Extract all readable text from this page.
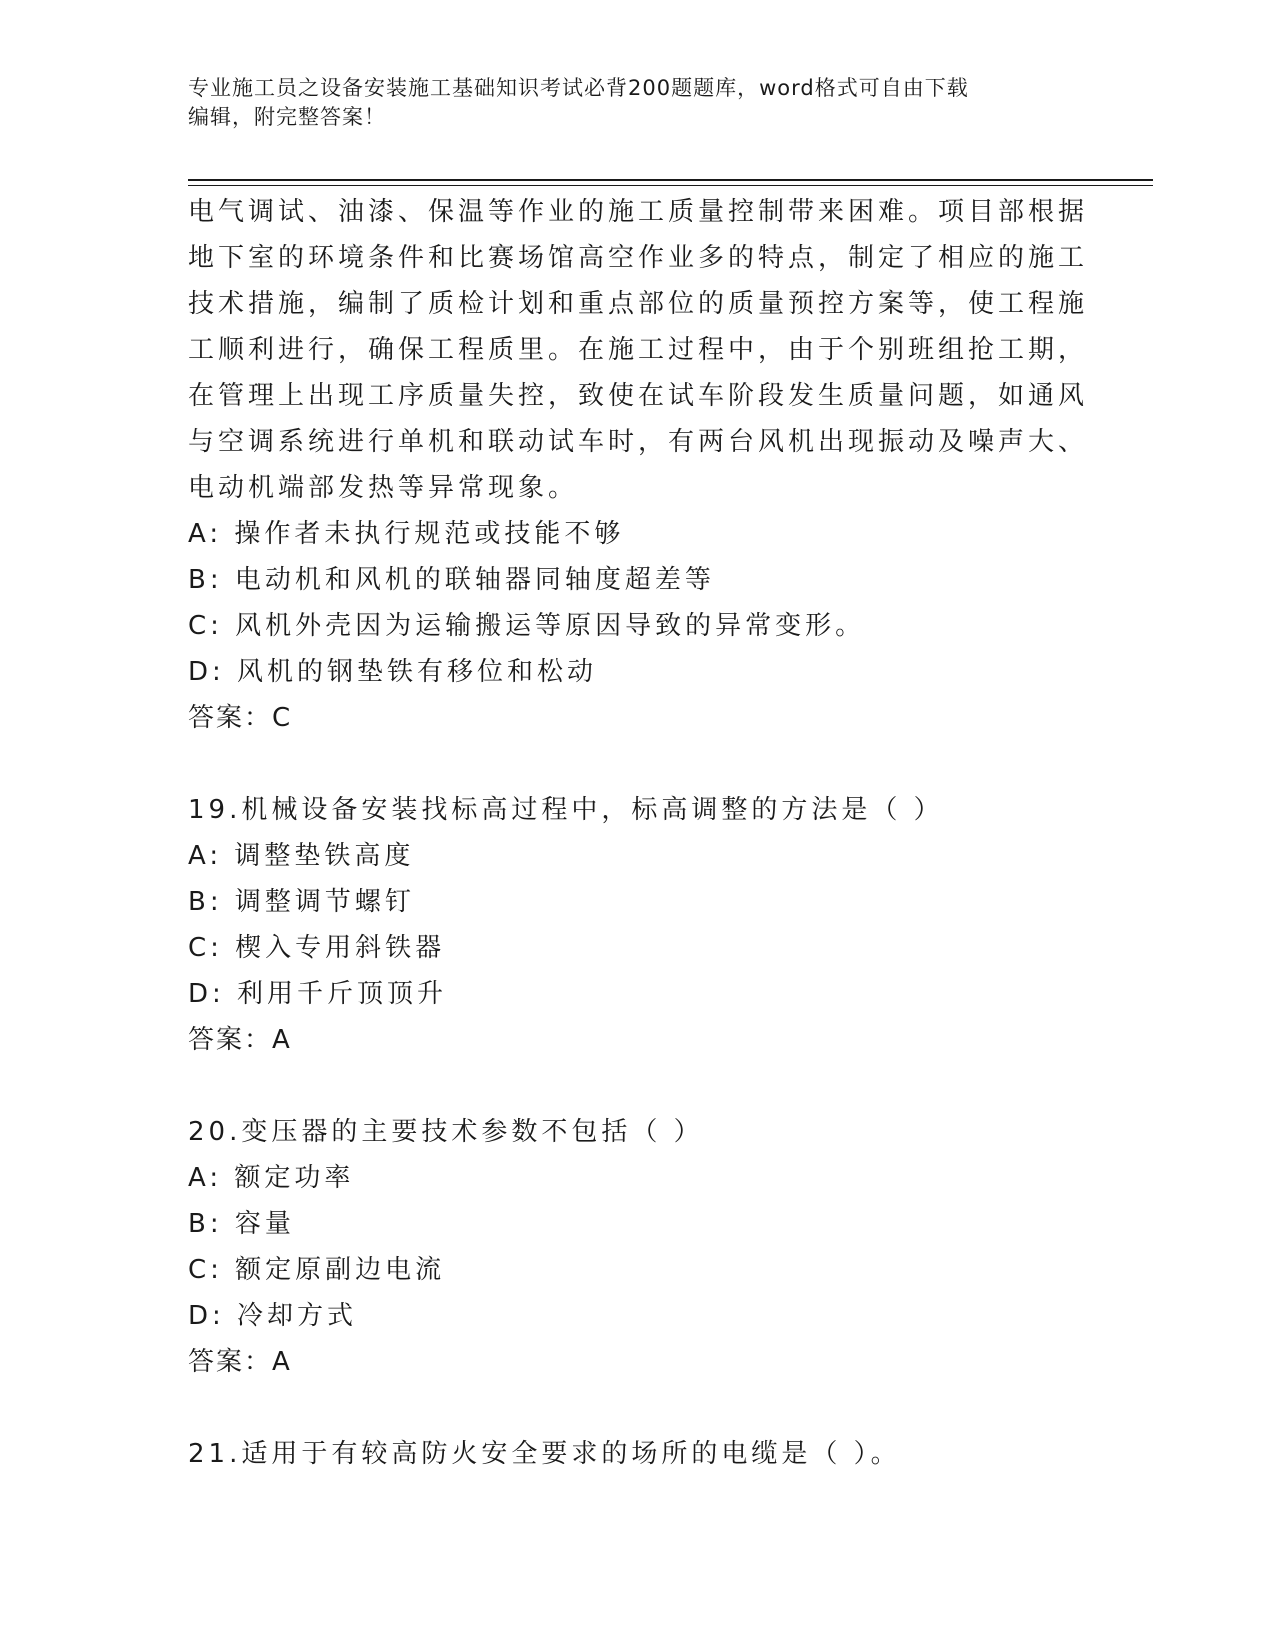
专业施工员之设备安装施工基础知识考试必背200题题库，word格式可自由下载
编辑，附完整答案！
电气调试、油漆、保温等作业的施工质量控制带来困难。项目部根据
地下室的环境条件和比赛场馆高空作业多的特点，制定了相应的施工
技术措施，编制了质检计划和重点部位的质量预控方案等，使工程施
工顺利进行，确保工程质里。在施工过程中，由于个别班组抢工期，
在管理上出现工序质量失控，致使在试车阶段发生质量问题，如通风
与空调系统进行单机和联动试车时，有两台风机出现振动及噪声大、
电动机端部发热等异常现象。
A: 操作者未执行规范或技能不够
B: 电动机和风机的联轴器同轴度超差等
C: 风机外壳因为运输搬运等原因导致的异常变形。
D: 风机的钢垫铁有移位和松动
答案：C
19.机械设备安装找标高过程中，标高调整的方法是（ ）
A: 调整垫铁高度
B: 调整调节螺钉
C: 楔入专用斜铁器
D: 利用千斤顶顶升
答案：A
20.变压器的主要技术参数不包括（ ）
A: 额定功率
B: 容量
C: 额定原副边电流
D: 冷却方式
答案：A
21.适用于有较高防火安全要求的场所的电缆是（ ）。
